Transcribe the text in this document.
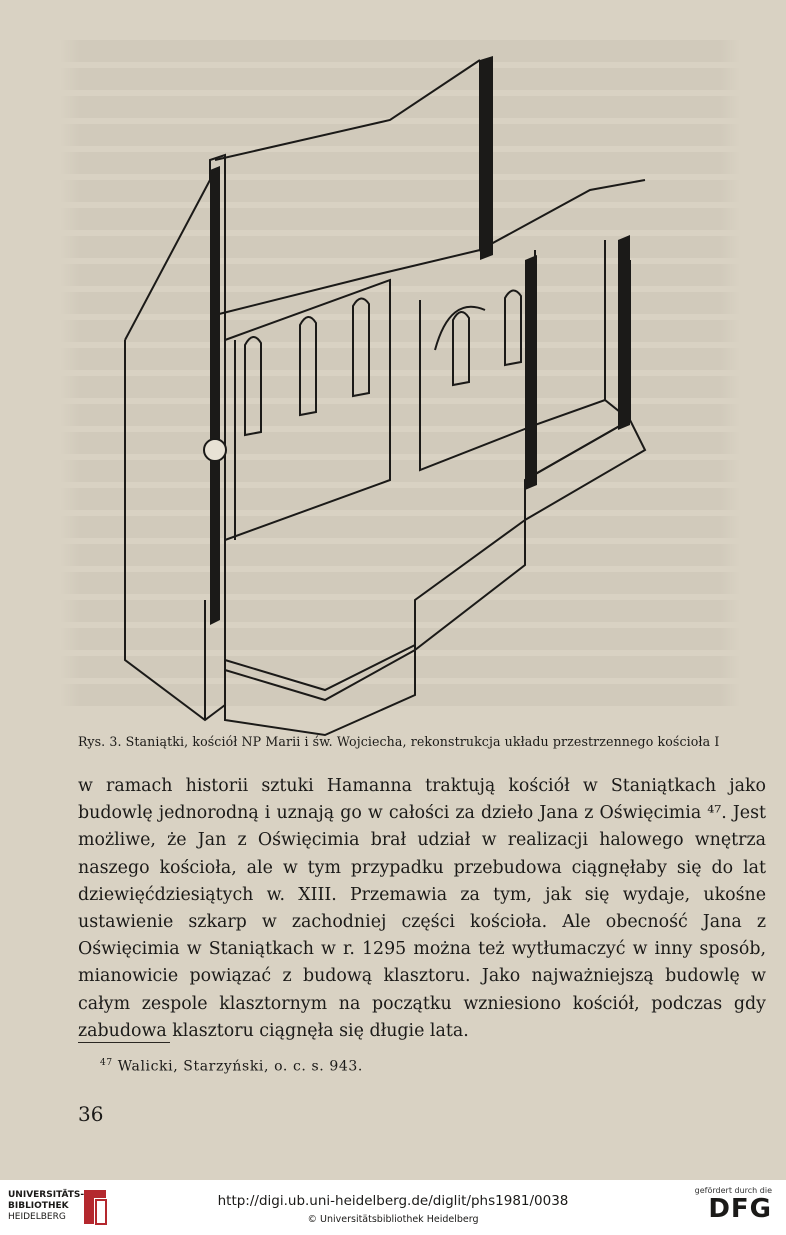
Rys. 3. Staniątki, kościół NP Marii i św. Wojciecha, rekonstrukcja układu przestrzennego kościoła I

w ramach historii sztuki Hamanna traktują kościół w Staniątkach jako budowlę jednorodną i uznają go w całości za dzieło Jana z Oświęcimia ⁴⁷. Jest możliwe, że Jan z Oświęcimia brał udział w realizacji halowego wnętrza naszego kościoła, ale w tym przypadku przebudowa ciągnęłaby się do lat dziewięćdziesiątych w. XIII. Przemawia za tym, jak się wydaje, ukośne ustawienie szkarp w zachodniej części kościoła. Ale obecność Jana z Oświęcimia w Staniątkach w r. 1295 można też wytłumaczyć w inny sposób, mianowicie powiązać z budową klasztoru. Jako najważniejszą budowlę w całym zespole klasztornym na początku wzniesiono kościół, podczas gdy zabudowa klasztoru ciągnęła się długie lata.

$^{47}$ Walicki, Starzyński, o. c. s. 943.
36
UNIVERSITÄTS-
BIBLIOTHEK
HEIDELBERG
http://digi.ub.uni-heidelberg.de/diglit/phs1981/0038
© Universitätsbibliothek Heidelberg
gefördert durch die
DFG
